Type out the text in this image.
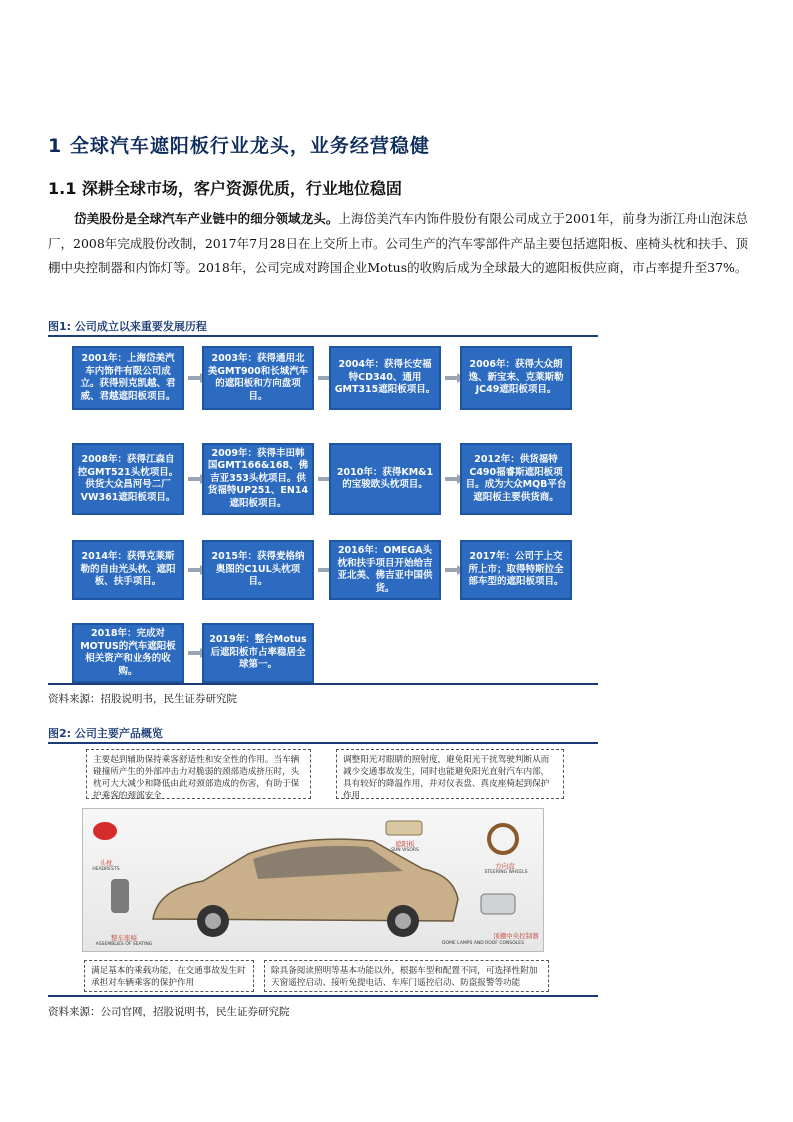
1 全球汽车遮阳板行业龙头，业务经营稳健
1.1 深耕全球市场，客户资源优质，行业地位稳固
岱美股份是全球汽车产业链中的细分领域龙头。上海岱美汽车内饰件股份有限公司成立于2001年，前身为浙江舟山泡沫总厂，2008年完成股份改制，2017年7月28日在上交所上市。公司生产的汽车零部件产品主要包括遮阳板、座椅头枕和扶手、顶棚中央控制器和内饰灯等。2018年，公司完成对跨国企业Motus的收购后成为全球最大的遮阳板供应商，市占率提升至37%。
图1: 公司成立以来重要发展历程
2001年：上海岱美汽车内饰件有限公司成立。获得别克凯越、君威、君越遮阳板项目。
2003年：获得通用北美GMT900和长城汽车的遮阳板和方向盘项目。
2004年：获得长安福特CD340、通用GMT315遮阳板项目。
2006年：获得大众朗逸、新宝来、克莱斯勒JC49遮阳板项目。
2008年：获得江森自控GMT521头枕项目。供货大众昌河号二厂VW361遮阳板项目。
2009年：获得丰田韩国GMT166&168、佛吉亚353头枕项目。供货福特UP251、EN14遮阳板项目。
2010年：获得KM&1的宝骏欧头枕项目。
2012年：供货福特C490福睿斯遮阳板项目。成为大众MQB平台遮阳板主要供货商。
2014年：获得克莱斯勒的自由光头枕、遮阳板、扶手项目。
2015年：获得麦格纳奥图的C1UL头枕项目。
2016年：OMEGA头枕和扶手项目开始给吉亚北美、佛吉亚中国供货。
2017年：公司于上交所上市；取得特斯拉全部车型的遮阳板项目。
2018年：完成对MOTUS的汽车遮阳板相关资产和业务的收购。
2019年：整合Motus后遮阳板市占率稳居全球第一。
资料来源：招股说明书，民生证券研究院
图2: 公司主要产品概览
主要起到辅助保持乘客舒适性和安全性的作用。当车辆碰撞所产生的外部冲击力对脆弱的颈部造成挤压时，头枕可大大减少和降低由此对颈部造成的伤害，有助于保护乘客的颈部安全
调整阳光对眼睛的照射度，避免阳光干扰驾驶判断从而减少交通事故发生，同时也能避免阳光直射汽车内部，具有较好的降温作用，并对仪表盘、真皮座椅起到保护作用
头枕
HEADRESTS
整车座椅
ASSEMBLIES OF SEATING
遮阳板
SUN VISORS
方向盘
STEERING WHEELS
顶棚中央控制器
DOME LAMPS AND ROOF CONSOLES
满足基本的乘载功能，在交通事故发生时承担对车辆乘客的保护作用
除具备阅读照明等基本功能以外，根据车型和配置不同，可选择性附加天窗遥控启动、接听免提电话、车库门遥控启动、防盗报警等功能
资料来源：公司官网，招股说明书，民生证券研究院
